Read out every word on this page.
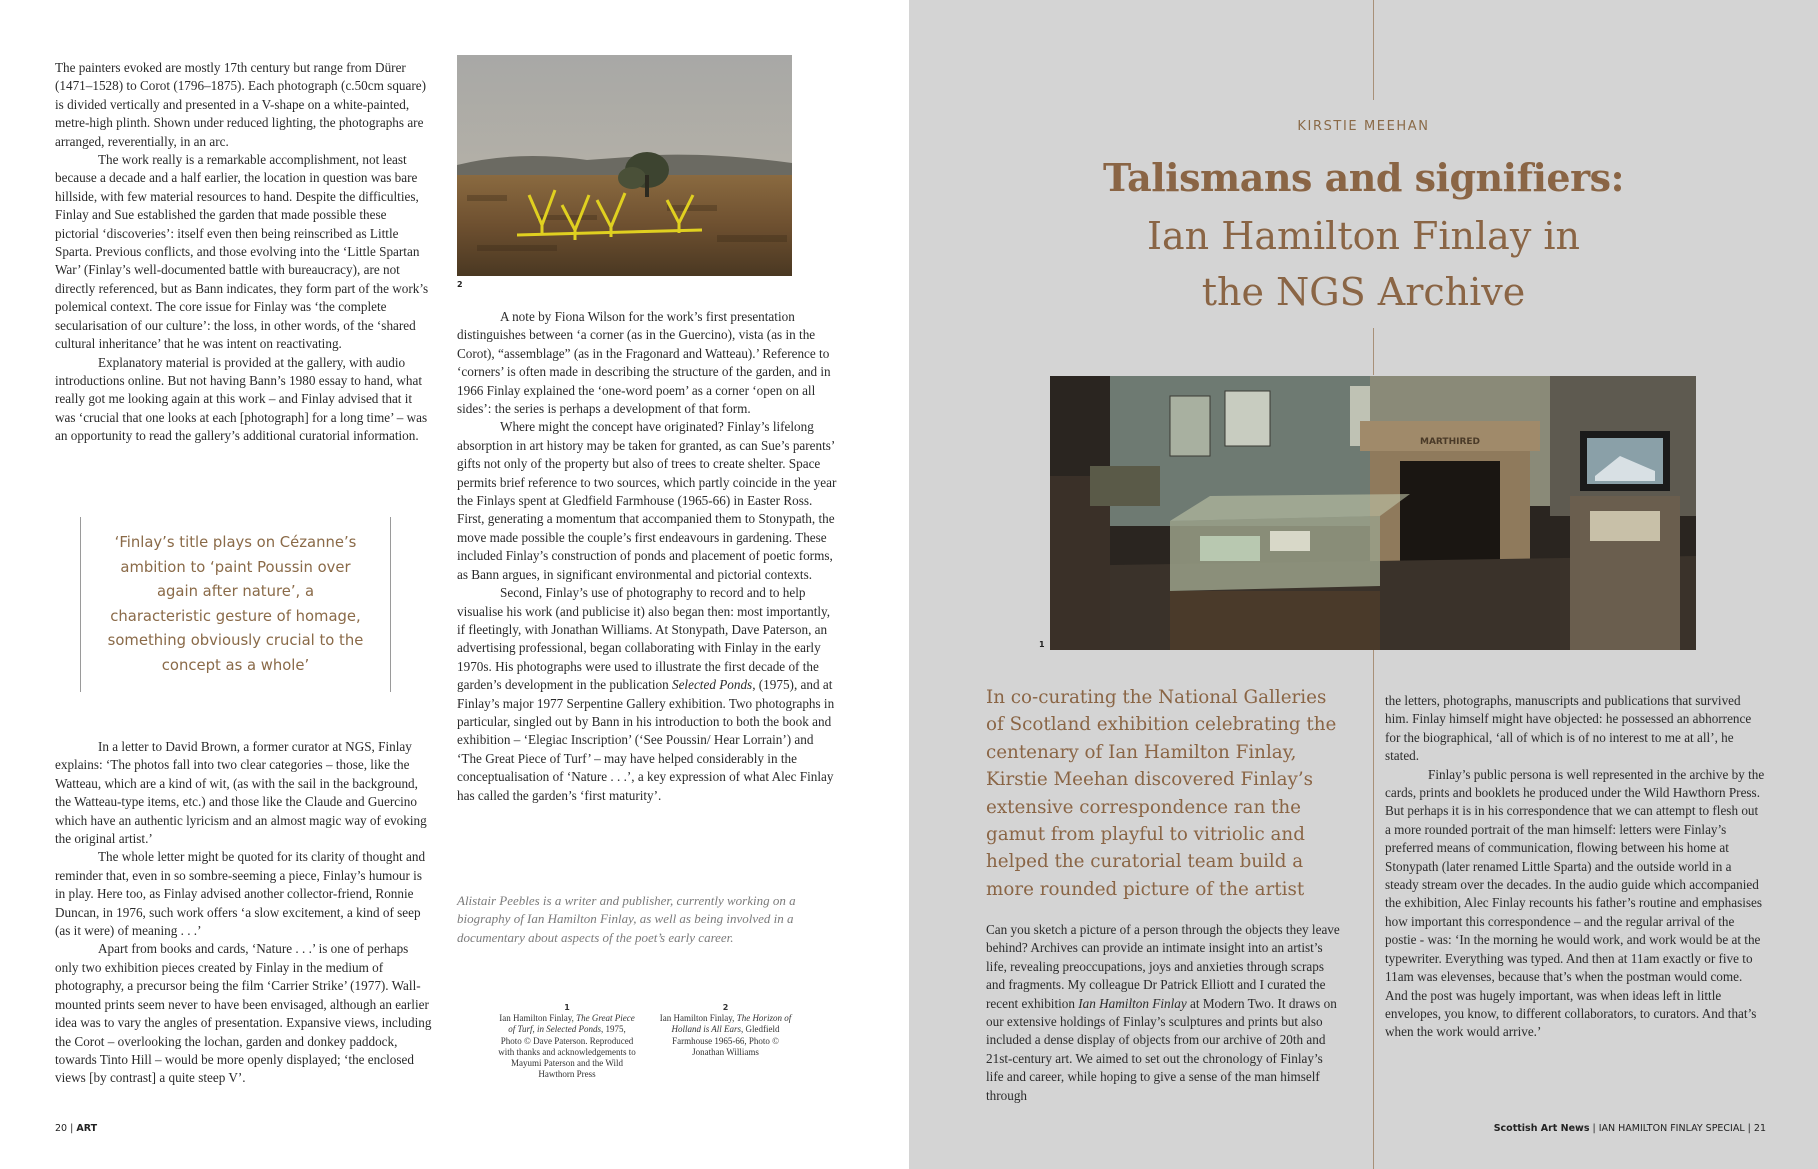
The painters evoked are mostly 17th century but range from Dürer (1471–1528) to Corot (1796–1875). Each photograph (c.50cm square) is divided vertically and presented in a V-shape on a white-painted, metre-high plinth. Shown under reduced lighting, the photographs are arranged, reverentially, in an arc.

The work really is a remarkable accomplishment, not least because a decade and a half earlier, the location in question was bare hillside, with few material resources to hand. Despite the difficulties, Finlay and Sue established the garden that made possible these pictorial ‘discoveries’: itself even then being reinscribed as Little Sparta. Previous conflicts, and those evolving into the ‘Little Spartan War’ (Finlay’s well-documented battle with bureaucracy), are not directly referenced, but as Bann indicates, they form part of the work’s polemical context. The core issue for Finlay was ‘the complete secularisation of our culture’: the loss, in other words, of the ‘shared cultural inheritance’ that he was intent on reactivating.

Explanatory material is provided at the gallery, with audio introductions online. But not having Bann’s 1980 essay to hand, what really got me looking again at this work – and Finlay advised that it was ‘crucial that one looks at each [photograph] for a long time’ – was an opportunity to read the gallery’s additional curatorial information.

‘Finlay’s title plays on Cézanne’s ambition to ‘paint Poussin over again after nature’, a characteristic gesture of homage, something obviously crucial to the concept as a whole’

In a letter to David Brown, a former curator at NGS, Finlay explains: ‘The photos fall into two clear categories – those, like the Watteau, which are a kind of wit, (as with the sail in the background, the Watteau-type items, etc.) and those like the Claude and Guercino which have an authentic lyricism and an almost magic way of evoking the original artist.’

The whole letter might be quoted for its clarity of thought and reminder that, even in so sombre-seeming a piece, Finlay’s humour is in play. Here too, as Finlay advised another collector-friend, Ronnie Duncan, in 1976, such work offers ‘a slow excitement, a kind of seep (as it were) of meaning . . .’

Apart from books and cards, ‘Nature . . .’ is one of perhaps only two exhibition pieces created by Finlay in the medium of photography, a precursor being the film ‘Carrier Strike’ (1977). Wall-mounted prints seem never to have been envisaged, although an earlier idea was to vary the angles of presentation. Expansive views, including the Corot – overlooking the lochan, garden and donkey paddock, towards Tinto Hill – would be more openly displayed; ‘the enclosed views [by contrast] a quite steep V’.

2

A note by Fiona Wilson for the work’s first presentation distinguishes between ‘a corner (as in the Guercino), vista (as in the Corot), “assemblage” (as in the Fragonard and Watteau).’ Reference to ‘corners’ is often made in describing the structure of the garden, and in 1966 Finlay explained the ‘one-word poem’ as a corner ‘open on all sides’: the series is perhaps a development of that form.

Where might the concept have originated? Finlay’s lifelong absorption in art history may be taken for granted, as can Sue’s parents’ gifts not only of the property but also of trees to create shelter. Space permits brief reference to two sources, which partly coincide in the year the Finlays spent at Gledfield Farmhouse (1965-66) in Easter Ross. First, generating a momentum that accompanied them to Stonypath, the move made possible the couple’s first endeavours in gardening. These included Finlay’s construction of ponds and placement of poetic forms, as Bann argues, in significant environmental and pictorial contexts.

Second, Finlay’s use of photography to record and to help visualise his work (and publicise it) also began then: most importantly, if fleetingly, with Jonathan Williams. At Stonypath, Dave Paterson, an advertising professional, began collaborating with Finlay in the early 1970s. His photographs were used to illustrate the first decade of the garden’s development in the publication Selected Ponds, (1975), and at Finlay’s major 1977 Serpentine Gallery exhibition. Two photographs in particular, singled out by Bann in his introduction to both the book and exhibition – ‘Elegiac Inscription’ (‘See Poussin/ Hear Lorrain’) and ‘The Great Piece of Turf’ – may have helped considerably in the conceptualisation of ‘Nature . . .’, a key expression of what Alec Finlay has called the garden’s ‘first maturity’.

Alistair Peebles is a writer and publisher, currently working on a biography of Ian Hamilton Finlay, as well as being involved in a documentary about aspects of the poet’s early career.
1
Ian Hamilton Finlay, The Great Piece of Turf, in Selected Ponds, 1975, Photo © Dave Paterson. Reproduced with thanks and acknowledgements to Mayumi Paterson and the Wild Hawthorn Press
2
Ian Hamilton Finlay, The Horizon of Holland is All Ears, Gledfield Farmhouse 1965-66, Photo © Jonathan Williams
20 | ART
KIRSTIE MEEHAN
Talismans and signifiers:
Ian Hamilton Finlay in
the NGS Archive
MARTHIRED
1
In co-curating the National Galleries of Scotland exhibition celebrating the centenary of Ian Hamilton Finlay, Kirstie Meehan discovered Finlay’s extensive correspondence ran the gamut from playful to vitriolic and helped the curatorial team build a more rounded picture of the artist

Can you sketch a picture of a person through the objects they leave behind? Archives can provide an intimate insight into an artist’s life, revealing preoccupations, joys and anxieties through scraps and fragments. My colleague Dr Patrick Elliott and I curated the recent exhibition Ian Hamilton Finlay at Modern Two. It draws on our extensive holdings of Finlay’s sculptures and prints but also included a dense display of objects from our archive of 20th and 21st-century art. We aimed to set out the chronology of Finlay’s life and career, while hoping to give a sense of the man himself through

the letters, photographs, manuscripts and publications that survived him. Finlay himself might have objected: he possessed an abhorrence for the biographical, ‘all of which is of no interest to me at all’, he stated.

Finlay’s public persona is well represented in the archive by the cards, prints and booklets he produced under the Wild Hawthorn Press. But perhaps it is in his correspondence that we can attempt to flesh out a more rounded portrait of the man himself: letters were Finlay’s preferred means of communication, flowing between his home at Stonypath (later renamed Little Sparta) and the outside world in a steady stream over the decades. In the audio guide which accompanied the exhibition, Alec Finlay recounts his father’s routine and emphasises how important this correspondence – and the regular arrival of the postie - was: ‘In the morning he would work, and work would be at the typewriter. Everything was typed. And then at 11am exactly or five to 11am was elevenses, because that’s when the postman would come. And the post was hugely important, was when ideas left in little envelopes, you know, to different collaborators, to curators. And that’s when the work would arrive.’

Scottish Art News | IAN HAMILTON FINLAY SPECIAL | 21
